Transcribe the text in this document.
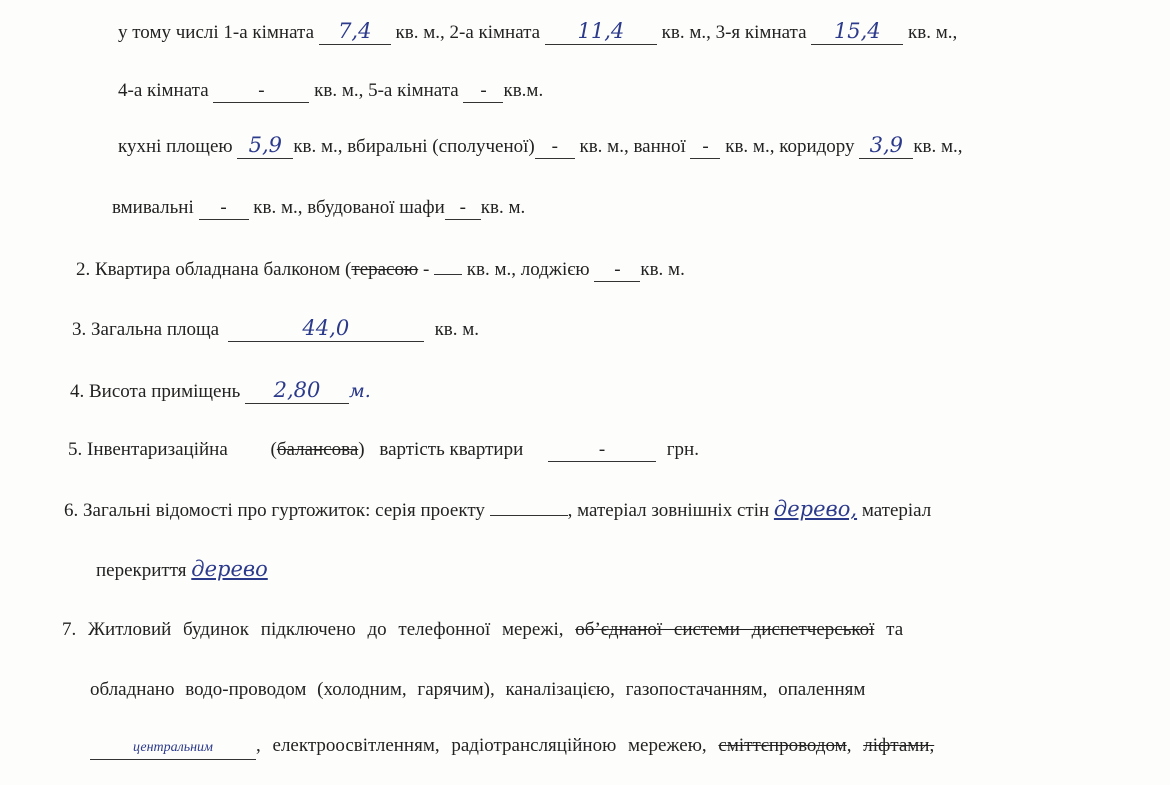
у тому числі 1-а кімната 7,4 кв. м., 2-а кімната 11,4 кв. м., 3-я кімната 15,4 кв. м.,
4-а кімната	-	кв. м., 5-а кімната - кв.м.
кухні площею 5,9 кв. м., вбиральні (сполученої) - кв. м., ванної - кв. м., коридору 3,9 кв. м.,
вмивальні - кв. м., вбудованої шафи - кв. м.
2. Квартира обладнана балконом (терасою - кв. м., лоджією - кв. м.
3. Загальна площа	44,0	кв. м.
4. Висота приміщень 2,80 м.
5. Інвентаризаційна (балансова) вартість квартири	-	грн.
6. Загальні відомості про гуртожиток: серія проекту	, матеріал зовнішніх стін дерево, матеріал
перекриття дерево
7. Житловий будинок підключено до телефонної мережі, об’єднаної системи диспетчерської та
обладнано водо-проводом (холодним, гарячим), каналізацією, газопостачанням, опаленням
центральним , електроосвітленням, радіотрансляційною мережею, сміттєпроводом, ліфтами,
